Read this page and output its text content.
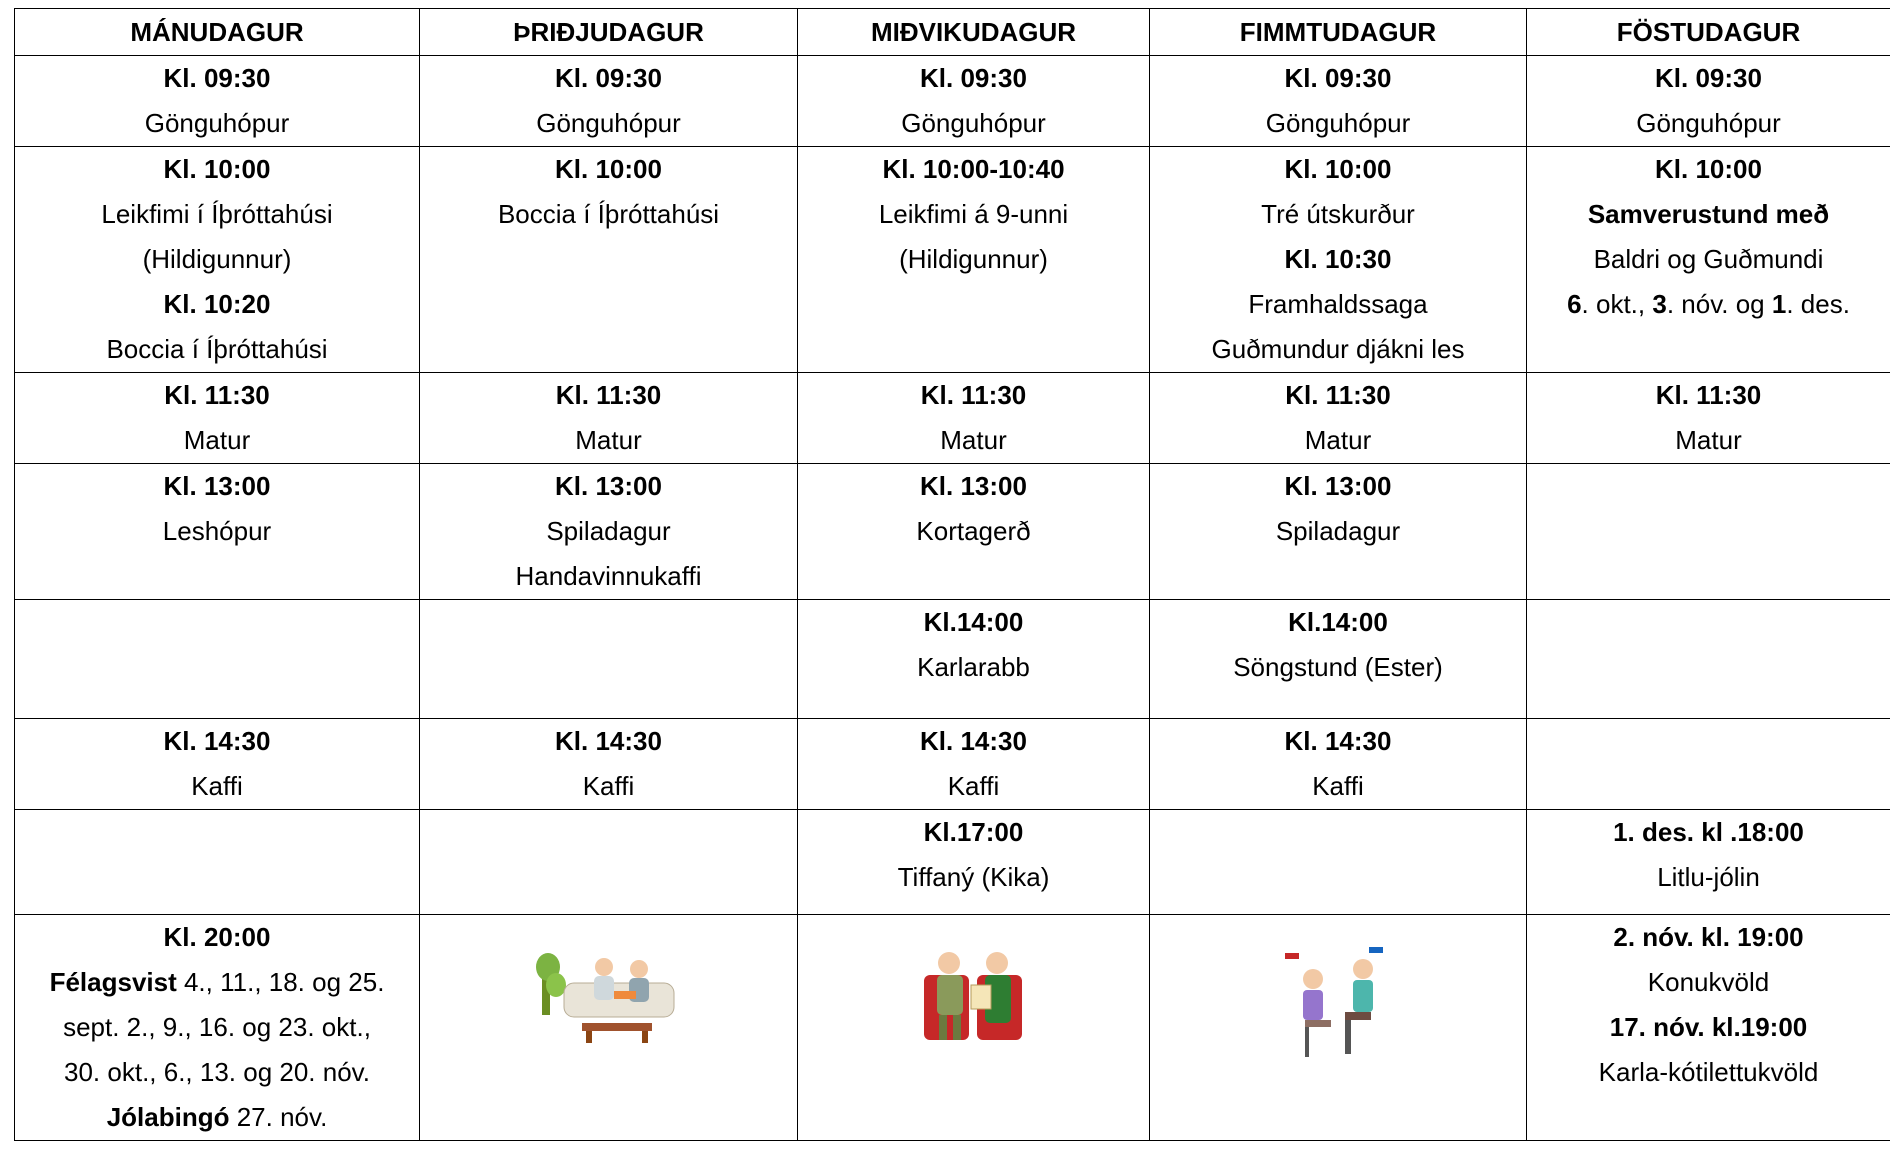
MÁNUDAGUR	ÞRIÐJUDAGUR	MIÐVIKUDAGUR	FIMMTUDAGUR	FÖSTUDAGUR

Kl. 09:30
Gönguhópur	Kl. 09:30
Gönguhópur	Kl. 09:30
Gönguhópur	Kl. 09:30
Gönguhópur	Kl. 09:30
Gönguhópur

Kl. 10:00
Leikfimi í Íþróttahúsi
(Hildigunnur)
Kl. 10:20
Boccia í Íþróttahúsi	Kl. 10:00
Boccia í Íþróttahúsi	Kl. 10:00-10:40
Leikfimi á 9-unni
(Hildigunnur)	Kl. 10:00
Tré útskurður
Kl. 10:30
Framhaldssaga
Guðmundur djákni les	Kl. 10:00
Samverustund með
Baldri og Guðmundi
6. okt., 3. nóv. og 1. des.

Kl. 11:30
Matur	Kl. 11:30
Matur	Kl. 11:30
Matur	Kl. 11:30
Matur	Kl. 11:30
Matur

Kl. 13:00
Leshópur	Kl. 13:00
Spiladagur
Handavinnukaffi	Kl. 13:00
Kortagerð	Kl. 13:00
Spiladagur	

		Kl.14:00
Karlarabb	Kl.14:00
Söngstund (Ester)	

Kl. 14:30
Kaffi	Kl. 14:30
Kaffi	Kl. 14:30
Kaffi	Kl. 14:30
Kaffi	

		Kl.17:00
Tiffaný (Kika)		1. des. kl .18:00
Litlu-jólin

Kl. 20:00
Félagsvist 4., 11., 18. og 25.
sept. 2., 9., 16. og 23. okt.,
30. okt., 6., 13. og 20. nóv.
Jólabingó 27. nóv.				2. nóv. kl. 19:00
Konukvöld
17. nóv. kl.19:00
Karla-kótilettukvöld
